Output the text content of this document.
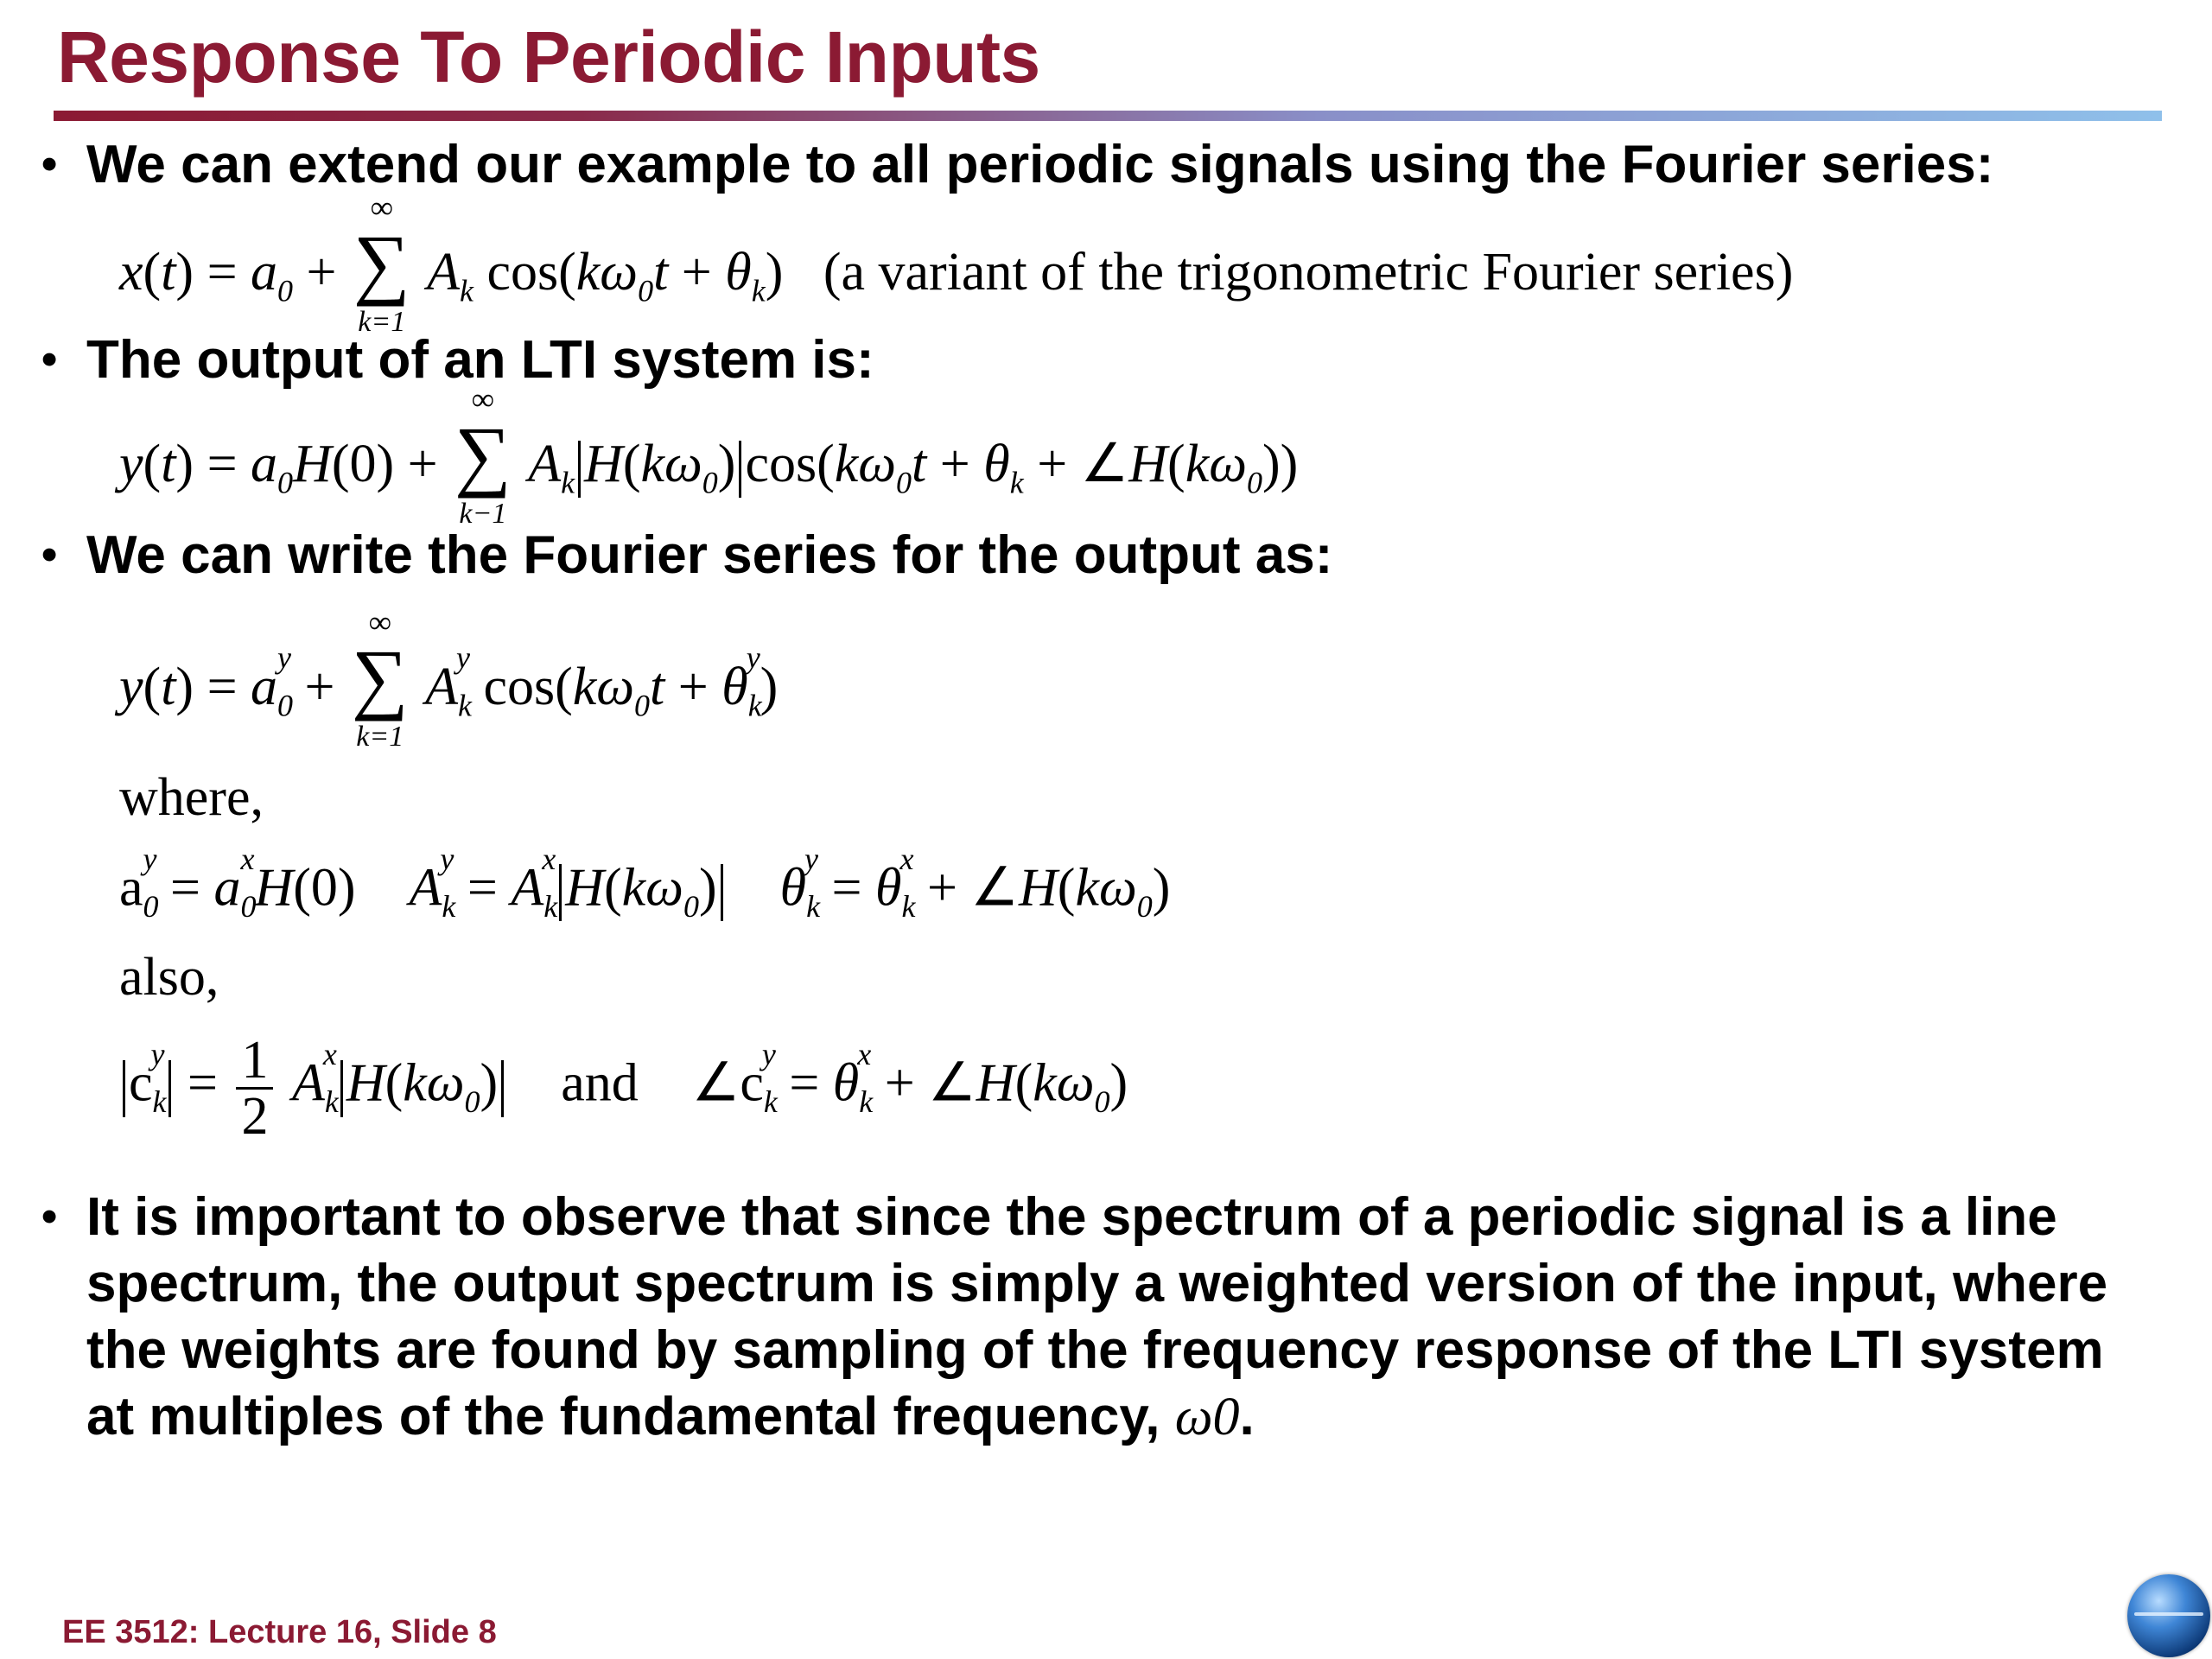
Response To Periodic Inputs
• We can extend our example to all periodic signals using the Fourier series:
$x(t) = a_0$ +
∞
∑
k=1
$A_k$ $\cos(k\omega_0t + \theta_k)$   (a variant of the trigonometric Fourier series)
• The output of an LTI system is:
$y(t) = a_0H(0)$ +
∞
∑
k−1
$A_k$ $H(k\omega_0) \cos(k\omega_0t + \theta_k$ + $\angle H(k\omega_0)$)
• We can write the Fourier series for the output as:
$y(t) = a_0^y$ +
∞
∑
k=1
$A_k^y$ $\cos(k\omega_0t + \theta_k^y)$
where,
$a_0^y = a_0^xH(0)$    $A_k^y = A_k^x$ $H(k\omega_0) \theta_k^y = \theta_k^x$ + $\angle H(k\omega_0)$
also,
$c_k^y = \frac{1}{2} A_k^x$ $H(k\omega_0)$ and    $\angle c_k^y = \theta_k^x$ + $\angle H(k\omega_0)$
• It is important to observe that since the spectrum of a periodic signal is a line spectrum, the output spectrum is simply a weighted version of the input, where the weights are found by sampling of the frequency response of the LTI system at multiples of the fundamental frequency, ω0.
EE 3512: Lecture 16, Slide 8
